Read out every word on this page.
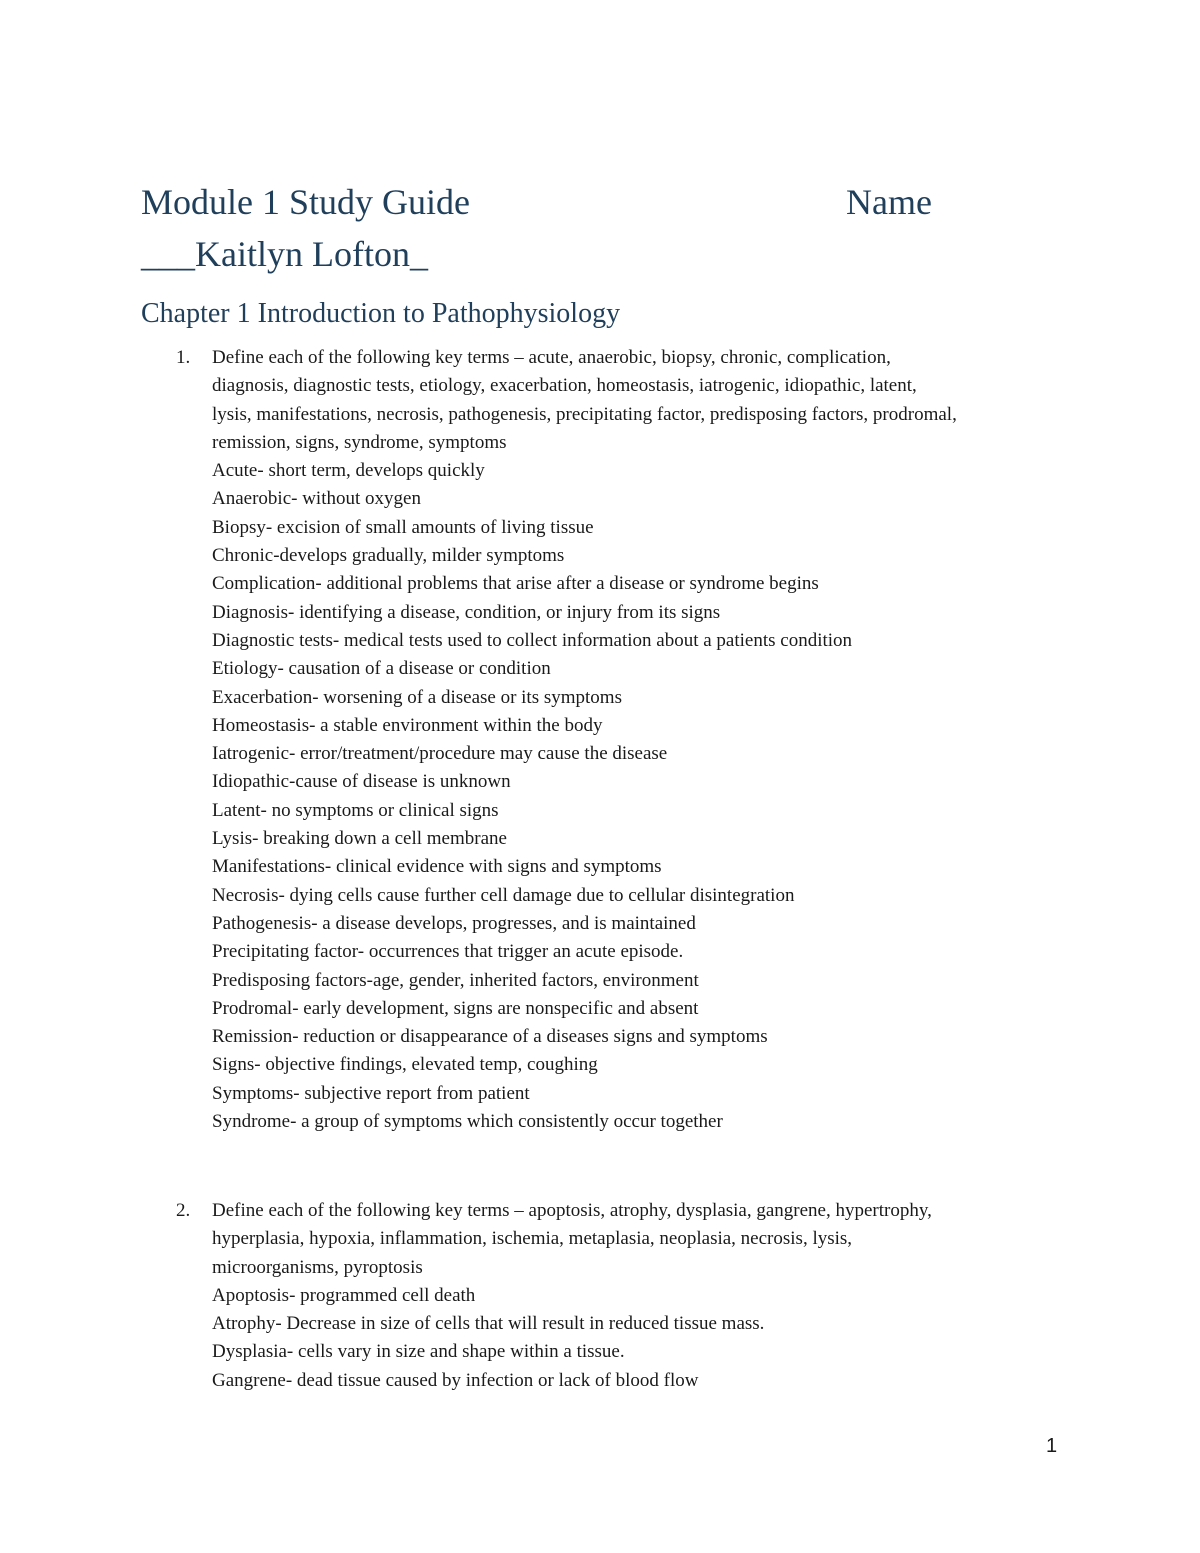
Module 1 Study Guide	Name
___Kaitlyn Lofton_
Chapter 1 Introduction to Pathophysiology
1. Define each of the following key terms – acute, anaerobic, biopsy, chronic, complication,
diagnosis, diagnostic tests, etiology, exacerbation, homeostasis, iatrogenic, idiopathic, latent,
lysis, manifestations, necrosis, pathogenesis, precipitating factor, predisposing factors, prodromal,
remission, signs, syndrome, symptoms
Acute- short term, develops quickly
Anaerobic- without oxygen
Biopsy- excision of small amounts of living tissue
Chronic-develops gradually, milder symptoms
Complication- additional problems that arise after a disease or syndrome begins
Diagnosis- identifying a disease, condition, or injury from its signs
Diagnostic tests- medical tests used to collect information about a patients condition
Etiology- causation of a disease or condition
Exacerbation- worsening of a disease or its symptoms
Homeostasis- a stable environment within the body
Iatrogenic- error/treatment/procedure may cause the disease
Idiopathic-cause of disease is unknown
Latent- no symptoms or clinical signs
Lysis- breaking down a cell membrane
Manifestations- clinical evidence with signs and symptoms
Necrosis- dying cells cause further cell damage due to cellular disintegration
Pathogenesis- a disease develops, progresses, and is maintained
Precipitating factor- occurrences that trigger an acute episode.
Predisposing factors-age, gender, inherited factors, environment
Prodromal- early development, signs are nonspecific and absent
Remission- reduction or disappearance of a diseases signs and symptoms
Signs- objective findings, elevated temp, coughing
Symptoms- subjective report from patient
Syndrome- a group of symptoms which consistently occur together
2. Define each of the following key terms – apoptosis, atrophy, dysplasia, gangrene, hypertrophy,
hyperplasia, hypoxia, inflammation, ischemia, metaplasia, neoplasia, necrosis, lysis,
microorganisms, pyroptosis
Apoptosis- programmed cell death
Atrophy- Decrease in size of cells that will result in reduced tissue mass.
Dysplasia- cells vary in size and shape within a tissue.
Gangrene- dead tissue caused by infection or lack of blood flow
1
